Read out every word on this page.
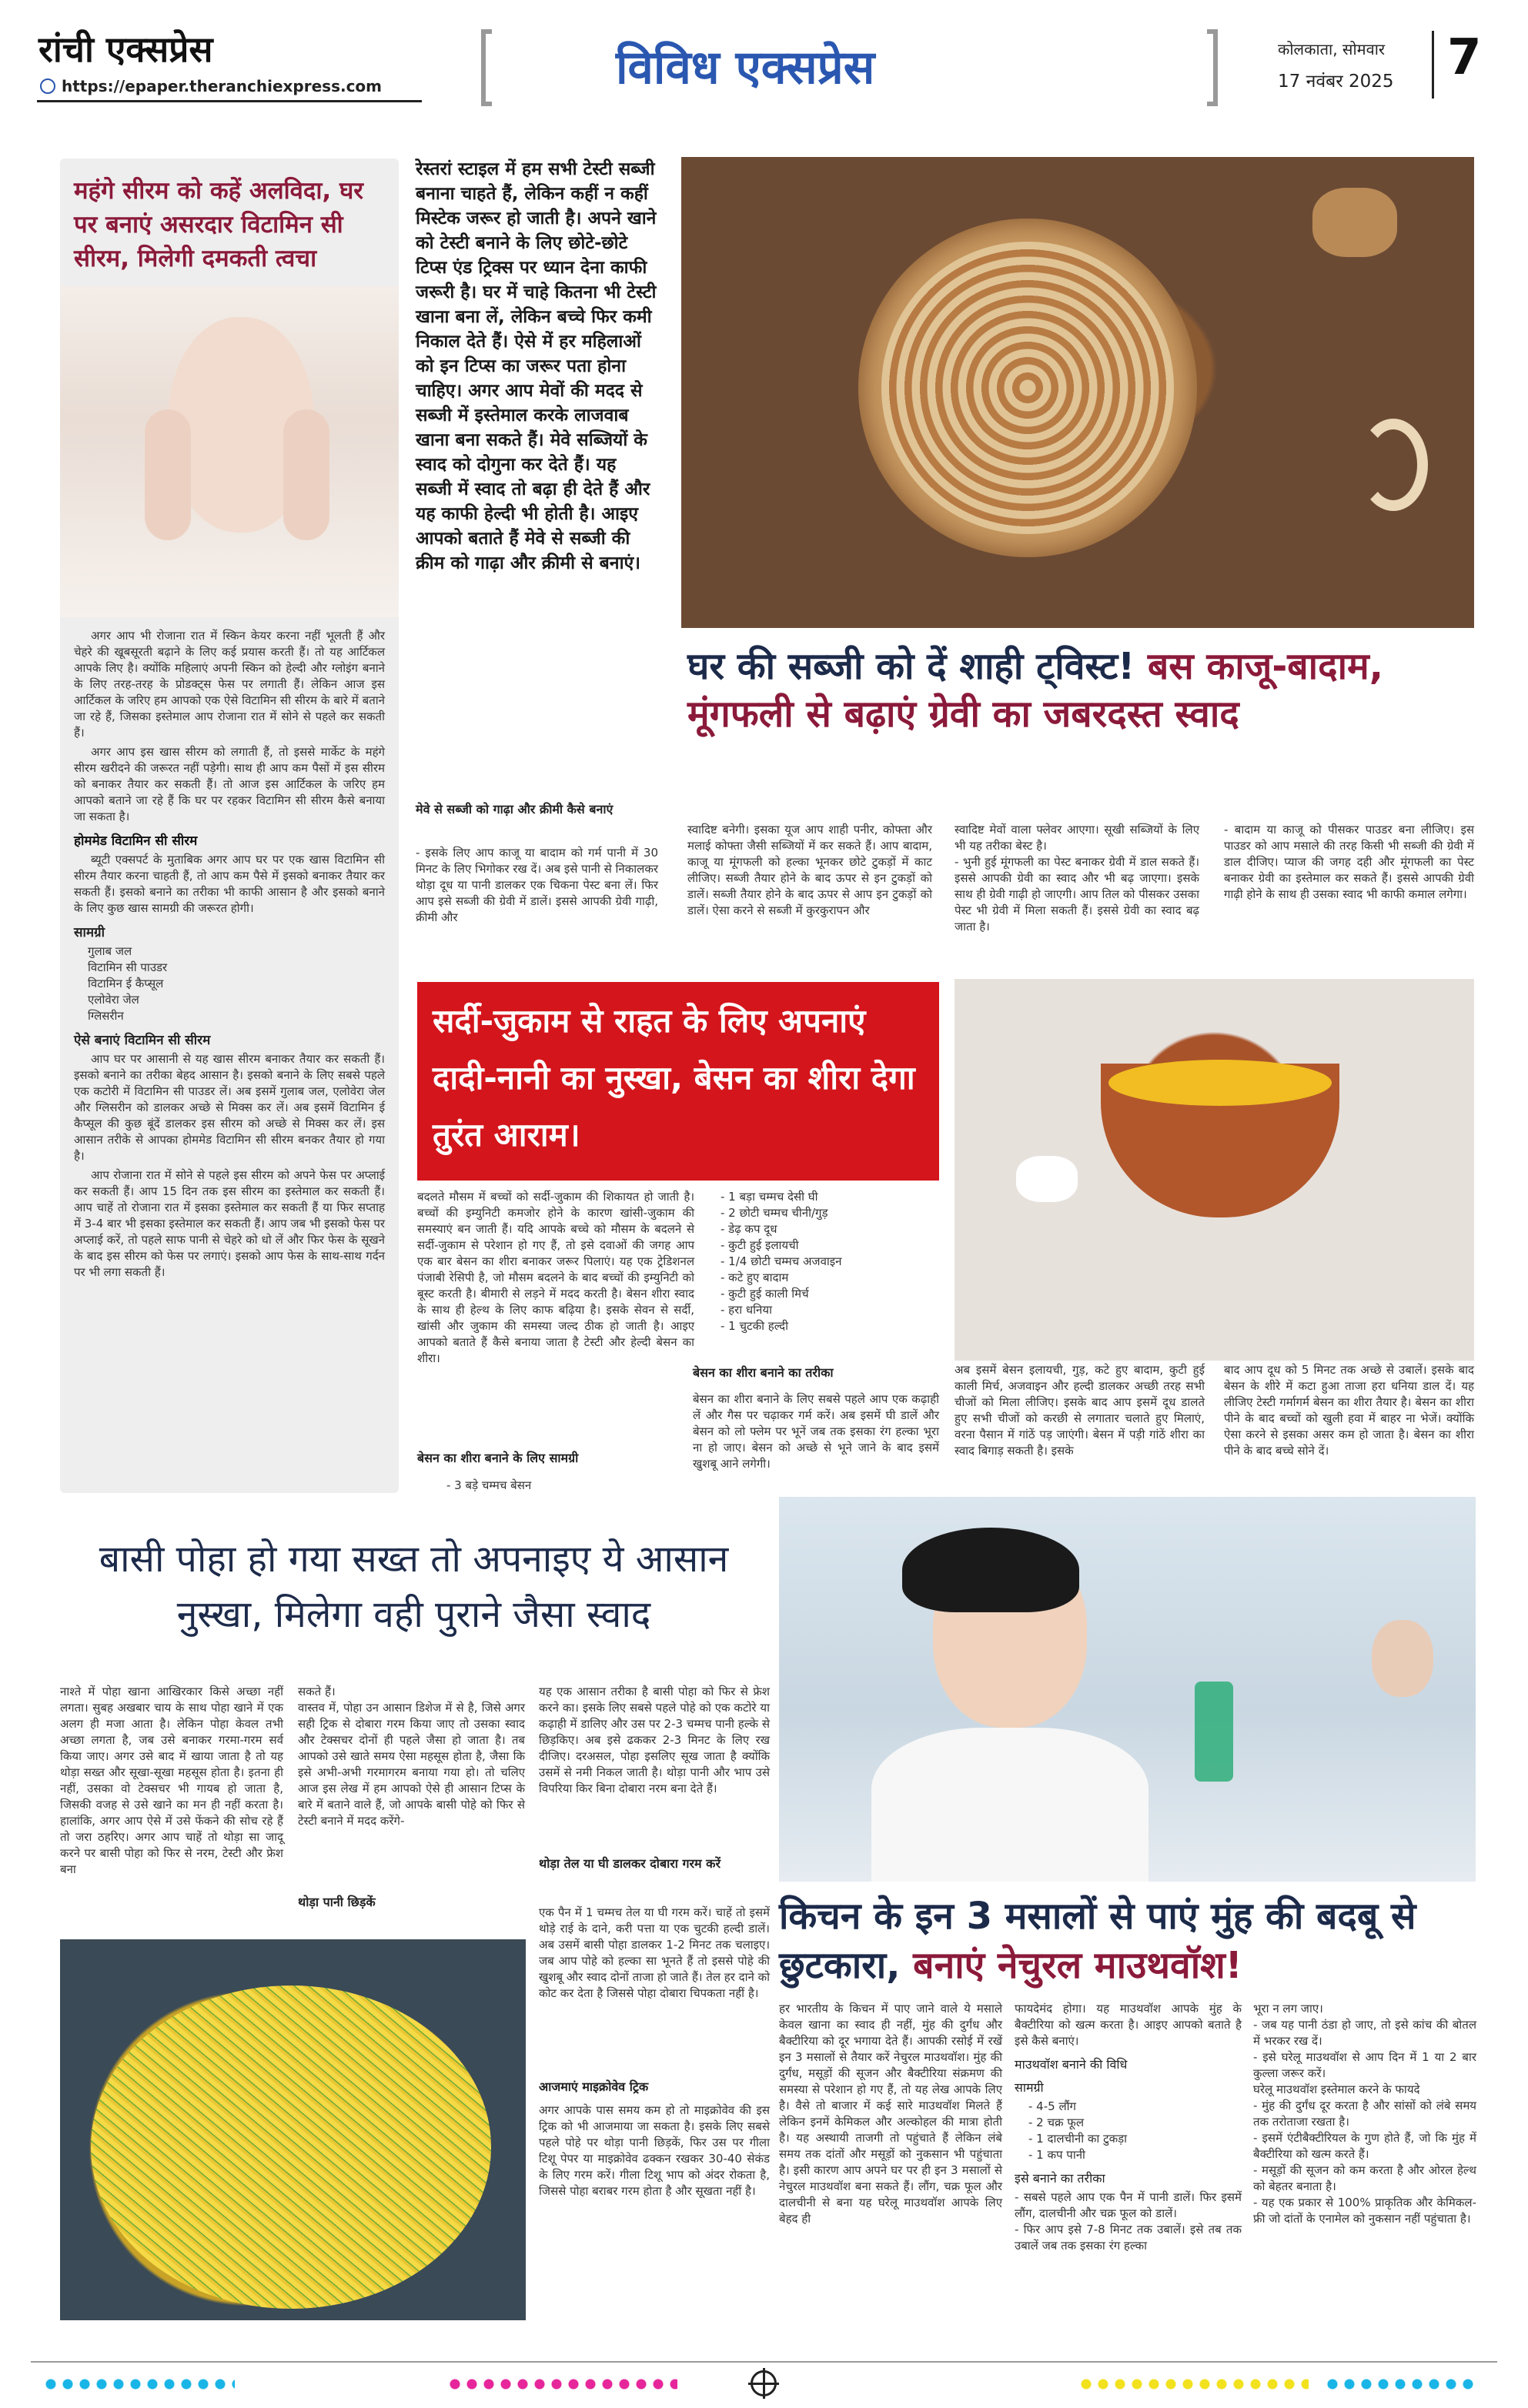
रांची एक्सप्रेस
https://epaper.theranchiexpress.com	विविध एक्सप्रेस	कोलकाता, सोमवार
17 नवंबर 2025 7
महंगे सीरम को कहें अलविदा, घर पर बनाएं असरदार विटामिन सी सीरम, मिलेगी दमकती त्वचा

अगर आप भी रोजाना रात में स्किन केयर करना नहीं भूलती हैं और चेहरे की खूबसूरती बढ़ाने के लिए कई प्रयास करती हैं। तो यह आर्टिकल आपके लिए है। क्योंकि महिलाएं अपनी स्किन को हेल्दी और ग्लोइंग बनाने के लिए तरह-तरह के प्रोडक्ट्स फेस पर लगाती हैं। लेकिन आज इस आर्टिकल के जरिए हम आपको एक ऐसे विटामिन सी सीरम के बारे में बताने जा रहे हैं, जिसका इस्तेमाल आप रोजाना रात में सोने से पहले कर सकती हैं।

अगर आप इस खास सीरम को लगाती हैं, तो इससे मार्केट के महंगे सीरम खरीदने की जरूरत नहीं पड़ेगी। साथ ही आप कम पैसों में इस सीरम को बनाकर तैयार कर सकती हैं। तो आज इस आर्टिकल के जरिए हम आपको बताने जा रहे हैं कि घर पर रहकर विटामिन सी सीरम कैसे बनाया जा सकता है।

होममेड विटामिन सी सीरम

ब्यूटी एक्सपर्ट के मुताबिक अगर आप घर पर एक खास विटामिन सी सीरम तैयार करना चाहती हैं, तो आप कम पैसे में इसको बनाकर तैयार कर सकती हैं। इसको बनाने का तरीका भी काफी आसान है और इसको बनाने के लिए कुछ खास सामग्री की जरूरत होगी।

सामग्री
गुलाब जल
विटामिन सी पाउडर
विटामिन ई कैप्सूल
एलोवेरा जेल
ग्लिसरीन
ऐसे बनाएं विटामिन सी सीरम

आप घर पर आसानी से यह खास सीरम बनाकर तैयार कर सकती हैं। इसको बनाने का तरीका बेहद आसान है। इसको बनाने के लिए सबसे पहले एक कटोरी में विटामिन सी पाउडर लें। अब इसमें गुलाब जल, एलोवेरा जेल और ग्लिसरीन को डालकर अच्छे से मिक्स कर लें। अब इसमें विटामिन ई कैप्सूल की कुछ बूंदें डालकर इस सीरम को अच्छे से मिक्स कर लें। इस आसान तरीके से आपका होममेड विटामिन सी सीरम बनकर तैयार हो गया है।

आप रोजाना रात में सोने से पहले इस सीरम को अपने फेस पर अप्लाई कर सकती हैं। आप 15 दिन तक इस सीरम का इस्तेमाल कर सकती हैं। आप चाहें तो रोजाना रात में इसका इस्तेमाल कर सकती हैं या फिर सप्ताह में 3-4 बार भी इसका इस्तेमाल कर सकती हैं। आप जब भी इसको फेस पर अप्लाई करें, तो पहले साफ पानी से चेहरे को धो लें और फिर फेस के सूखने के बाद इस सीरम को फेस पर लगाएं। इसको आप फेस के साथ-साथ गर्दन पर भी लगा सकती हैं।

रेस्तरां स्टाइल में हम सभी टेस्टी सब्जी बनाना चाहते हैं, लेकिन कहीं न कहीं मिस्टेक जरूर हो जाती है। अपने खाने को टेस्टी बनाने के लिए छोटे-छोटे टिप्स एंड ट्रिक्स पर ध्यान देना काफी जरूरी है। घर में चाहे कितना भी टेस्टी खाना बना लें, लेकिन बच्चे फिर कमी निकाल देते हैं। ऐसे में हर महिलाओं को इन टिप्स का जरूर पता होना चाहिए। अगर आप मेवों की मदद से सब्जी में इस्तेमाल करके लाजवाब खाना बना सकते हैं। मेवे सब्जियों के स्वाद को दोगुना कर देते हैं। यह सब्जी में स्वाद तो बढ़ा ही देते हैं और यह काफी हेल्दी भी होती है। आइए आपको बताते हैं मेवे से सब्जी की क्रीम को गाढ़ा और क्रीमी से बनाएं।
मेवे से सब्जी को गाढ़ा और क्रीमी कैसे बनाएं
- इसके लिए आप काजू या बादाम को गर्म पानी में 30 मिनट के लिए भिगोकर रख दें। अब इसे पानी से निकालकर थोड़ा दूध या पानी डालकर एक चिकना पेस्ट बना लें। फिर आप इसे सब्जी की ग्रेवी में डालें। इससे आपकी ग्रेवी गाढ़ी, क्रीमी और
घर की सब्जी को दें शाही ट्विस्ट! बस काजू-बादाम,
मूंगफली से बढ़ाएं ग्रेवी का जबरदस्त स्वाद
स्वादिष्ट बनेगी। इसका यूज आप शाही पनीर, कोफ्ता और मलाई कोफ्ता जैसी सब्जियों में कर सकते हैं। आप बादाम, काजू या मूंगफली को हल्का भूनकर छोटे टुकड़ों में काट लीजिए। सब्जी तैयार होने के बाद ऊपर से इन टुकड़ों को डालें। सब्जी तैयार होने के बाद ऊपर से आप इन टुकड़ों को डालें। ऐसा करने से सब्जी में कुरकुरापन और
स्वादिष्ट मेवों वाला फ्लेवर आएगा। सूखी सब्जियों के लिए भी यह तरीका बेस्ट है।
- भुनी हुई मूंगफली का पेस्ट बनाकर ग्रेवी में डाल सकते हैं। इससे आपकी ग्रेवी का स्वाद और भी बढ़ जाएगा। इसके साथ ही ग्रेवी गाढ़ी हो जाएगी। आप तिल को पीसकर उसका पेस्ट भी ग्रेवी में मिला सकती हैं। इससे ग्रेवी का स्वाद बढ़ जाता है।
- बादाम या काजू को पीसकर पाउडर बना लीजिए। इस पाउडर को आप मसाले की तरह किसी भी सब्जी की ग्रेवी में डाल दीजिए। प्याज की जगह दही और मूंगफली का पेस्ट बनाकर ग्रेवी का इस्तेमाल कर सकते हैं। इससे आपकी ग्रेवी गाढ़ी होने के साथ ही उसका स्वाद भी काफी कमाल लगेगा।
सर्दी-जुकाम से राहत के लिए अपनाएं दादी-नानी का नुस्खा, बेसन का शीरा देगा तुरंत आराम।
बदलते मौसम में बच्चों को सर्दी-जुकाम की शिकायत हो जाती है। बच्चों की इम्युनिटी कमजोर होने के कारण खांसी-जुकाम की समस्याएं बन जाती हैं। यदि आपके बच्चे को मौसम के बदलने से सर्दी-जुकाम से परेशान हो गए हैं, तो इसे दवाओं की जगह आप एक बार बेसन का शीरा बनाकर जरूर पिलाएं। यह एक ट्रेडिशनल पंजाबी रेसिपी है, जो मौसम बदलने के बाद बच्चों की इम्युनिटी को बूस्ट करती है। बीमारी से लड़ने में मदद करती है। बेसन शीरा स्वाद के साथ ही हेल्थ के लिए काफ बढ़िया है। इसके सेवन से सर्दी, खांसी और जुकाम की समस्या जल्द ठीक हो जाती है। आइए आपको बताते हैं कैसे बनाया जाता है टेस्टी और हेल्दी बेसन का शीरा।
बेसन का शीरा बनाने के लिए सामग्री
- 3 बड़े चम्मच बेसन
- 1 बड़ा चम्मच देसी घी
- 2 छोटी चम्मच चीनी/गुड़
- डेढ़ कप दूध
- कुटी हुई इलायची
- 1/4 छोटी चम्मच अजवाइन
- कटे हुए बादाम
- कुटी हुई काली मिर्च
- हरा धनिया
- 1 चुटकी हल्दी
बेसन का शीरा बनाने का तरीका
बेसन का शीरा बनाने के लिए सबसे पहले आप एक कढ़ाही लें और गैस पर चढ़ाकर गर्म करें। अब इसमें घी डालें और बेसन को लो फ्लेम पर भूनें जब तक इसका रंग हल्का भूरा ना हो जाए। बेसन को अच्छे से भूने जाने के बाद इसमें खुशबू आने लगेगी।
अब इसमें बेसन इलायची, गुड़, कटे हुए बादाम, कुटी हुई काली मिर्च, अजवाइन और हल्दी डालकर अच्छी तरह सभी चीजों को मिला लीजिए। इसके बाद आप इसमें दूध डालते हुए सभी चीजों को करछी से लगातार चलाते हुए मिलाएं, वरना पैसान में गांठें पड़ जाएंगी। बेसन में पड़ी गांठें शीरा का स्वाद बिगाड़ सकती है। इसके
बाद आप दूध को 5 मिनट तक अच्छे से उबालें। इसके बाद बेसन के शीरे में कटा हुआ ताजा हरा धनिया डाल दें। यह लीजिए टेस्टी गर्मागर्म बेसन का शीरा तैयार है। बेसन का शीरा पीने के बाद बच्चों को खुली हवा में बाहर ना भेजें। क्योंकि ऐसा करने से इसका असर कम हो जाता है। बेसन का शीरा पीने के बाद बच्चे सोने दें।
बासी पोहा हो गया सख्त तो अपनाइए ये आसान नुस्खा, मिलेगा वही पुराने जैसा स्वाद
नाश्ते में पोहा खाना आखिरकार किसे अच्छा नहीं लगता। सुबह अखबार चाय के साथ पोहा खाने में एक अलग ही मजा आता है। लेकिन पोहा केवल तभी अच्छा लगता है, जब उसे बनाकर गरमा-गरम सर्व किया जाए। अगर उसे बाद में खाया जाता है तो यह थोड़ा सख्त और सूखा-सूखा महसूस होता है। इतना ही नहीं, उसका वो टेक्सचर भी गायब हो जाता है, जिसकी वजह से उसे खाने का मन ही नहीं करता है। हालांकि, अगर आप ऐसे में उसे फेंकने की सोच रहे हैं तो जरा ठहरिए। अगर आप चाहें तो थोड़ा सा जादू करने पर बासी पोहा को फिर से नरम, टेस्टी और फ्रेश बना
सकते हैं।
वास्तव में, पोहा उन आसान डिशेज में से है, जिसे अगर सही ट्रिक से दोबारा गरम किया जाए तो उसका स्वाद और टेक्सचर दोनों ही पहले जैसा हो जाता है। तब आपको उसे खाते समय ऐसा महसूस होता है, जैसा कि इसे अभी-अभी गरमागरम बनाया गया हो। तो चलिए आज इस लेख में हम आपको ऐसे ही आसान टिप्स के बारे में बताने वाले हैं, जो आपके बासी पोहे को फिर से टेस्टी बनाने में मदद करेंगे-
थोड़ा पानी छिड़कें
यह एक आसान तरीका है बासी पोहा को फिर से फ्रेश करने का। इसके लिए सबसे पहले पोहे को एक कटोरे या कढ़ाही में डालिए और उस पर 2-3 चम्मच पानी हल्के से छिड़किए। अब इसे ढककर 2-3 मिनट के लिए रख दीजिए। दरअसल, पोहा इसलिए सूख जाता है क्योंकि उसमें से नमी निकल जाती है। थोड़ा पानी और भाप उसे विपरिया किर बिना दोबारा नरम बना देते हैं।
थोड़ा तेल या घी डालकर दोबारा गरम करें
एक पैन में 1 चम्मच तेल या घी गरम करें। चाहें तो इसमें थोड़े राई के दाने, करी पत्ता या एक चुटकी हल्दी डालें। अब उसमें बासी पोहा डालकर 1-2 मिनट तक चलाइए। जब आप पोहे को हल्का सा भूनते हैं तो इससे पोहे की खुशबू और स्वाद दोनों ताजा हो जाते हैं। तेल हर दाने को कोट कर देता है जिससे पोहा दोबारा चिपकता नहीं है।
आजमाएं माइक्रोवेव ट्रिक
अगर आपके पास समय कम हो तो माइक्रोवेव की इस ट्रिक को भी आजमाया जा सकता है। इसके लिए सबसे पहले पोहे पर थोड़ा पानी छिड़कें, फिर उस पर गीला टिशू पेपर या माइक्रोवेव ढक्कन रखकर 30-40 सेकंड के लिए गरम करें। गीला टिशू भाप को अंदर रोकता है, जिससे पोहा बराबर गरम होता है और सूखता नहीं है।
किचन के इन 3 मसालों से पाएं मुंह की बदबू से छुटकारा, बनाएं नेचुरल माउथवॉश!
हर भारतीय के किचन में पाए जाने वाले ये मसाले केवल खाना का स्वाद ही नहीं, मुंह की दुर्गंध और बैक्टीरिया को दूर भगाया देते हैं। आपकी रसोई में रखें इन 3 मसालों से तैयार करें नेचुरल माउथवॉश। मुंह की दुर्गंध, मसूड़ों की सूजन और बैक्टीरिया संक्रमण की समस्या से परेशान हो गए हैं, तो यह लेख आपके लिए है। वैसे तो बाजार में कई सारे माउथवॉश मिलते हैं लेकिन इनमें केमिकल और अल्कोहल की मात्रा होती है। यह अस्थायी ताजगी तो पहुंचाते हैं लेकिन लंबे समय तक दांतों और मसूड़ों को नुकसान भी पहुंचाता है। इसी कारण आप अपने घर पर ही इन 3 मसालों से नेचुरल माउथवॉश बना सकते हैं। लौंग, चक्र फूल और दालचीनी से बना यह घरेलू माउथवॉश आपके लिए बेहद ही
फायदेमंद होगा। यह माउथवॉश आपके मुंह के बैक्टीरिया को खत्म करता है। आइए आपको बताते है इसे कैसे बनाएं।
माउथवॉश बनाने की विधि
सामग्री
- 4-5 लौंग
- 2 चक्र फूल
- 1 दालचीनी का टुकड़ा
- 1 कप पानी
इसे बनाने का तरीका
- सबसे पहले आप एक पैन में पानी डालें। फिर इसमें लौंग, दालचीनी और चक्र फूल को डालें।
- फिर आप इसे 7-8 मिनट तक उबालें। इसे तब तक उबालें जब तक इसका रंग हल्का
भूरा न लग जाए।
- जब यह पानी ठंडा हो जाए, तो इसे कांच की बोतल में भरकर रख दें।
- इसे घरेलू माउथवॉश से आप दिन में 1 या 2 बार कुल्ला जरूर करें।
घरेलू माउथवॉश इस्तेमाल करने के फायदे
- मुंह की दुर्गंध दूर करता है और सांसों को लंबे समय तक तरोताजा रखता है।
- इसमें एंटीबैक्टीरियल के गुण होते हैं, जो कि मुंह में बैक्टीरिया को खत्म करते हैं।
- मसूड़ों की सूजन को कम करता है और ओरल हेल्थ को बेहतर बनाता है।
- यह एक प्रकार से 100% प्राकृतिक और केमिकल-फ्री जो दांतों के एनामेल को नुकसान नहीं पहुंचाता है।
